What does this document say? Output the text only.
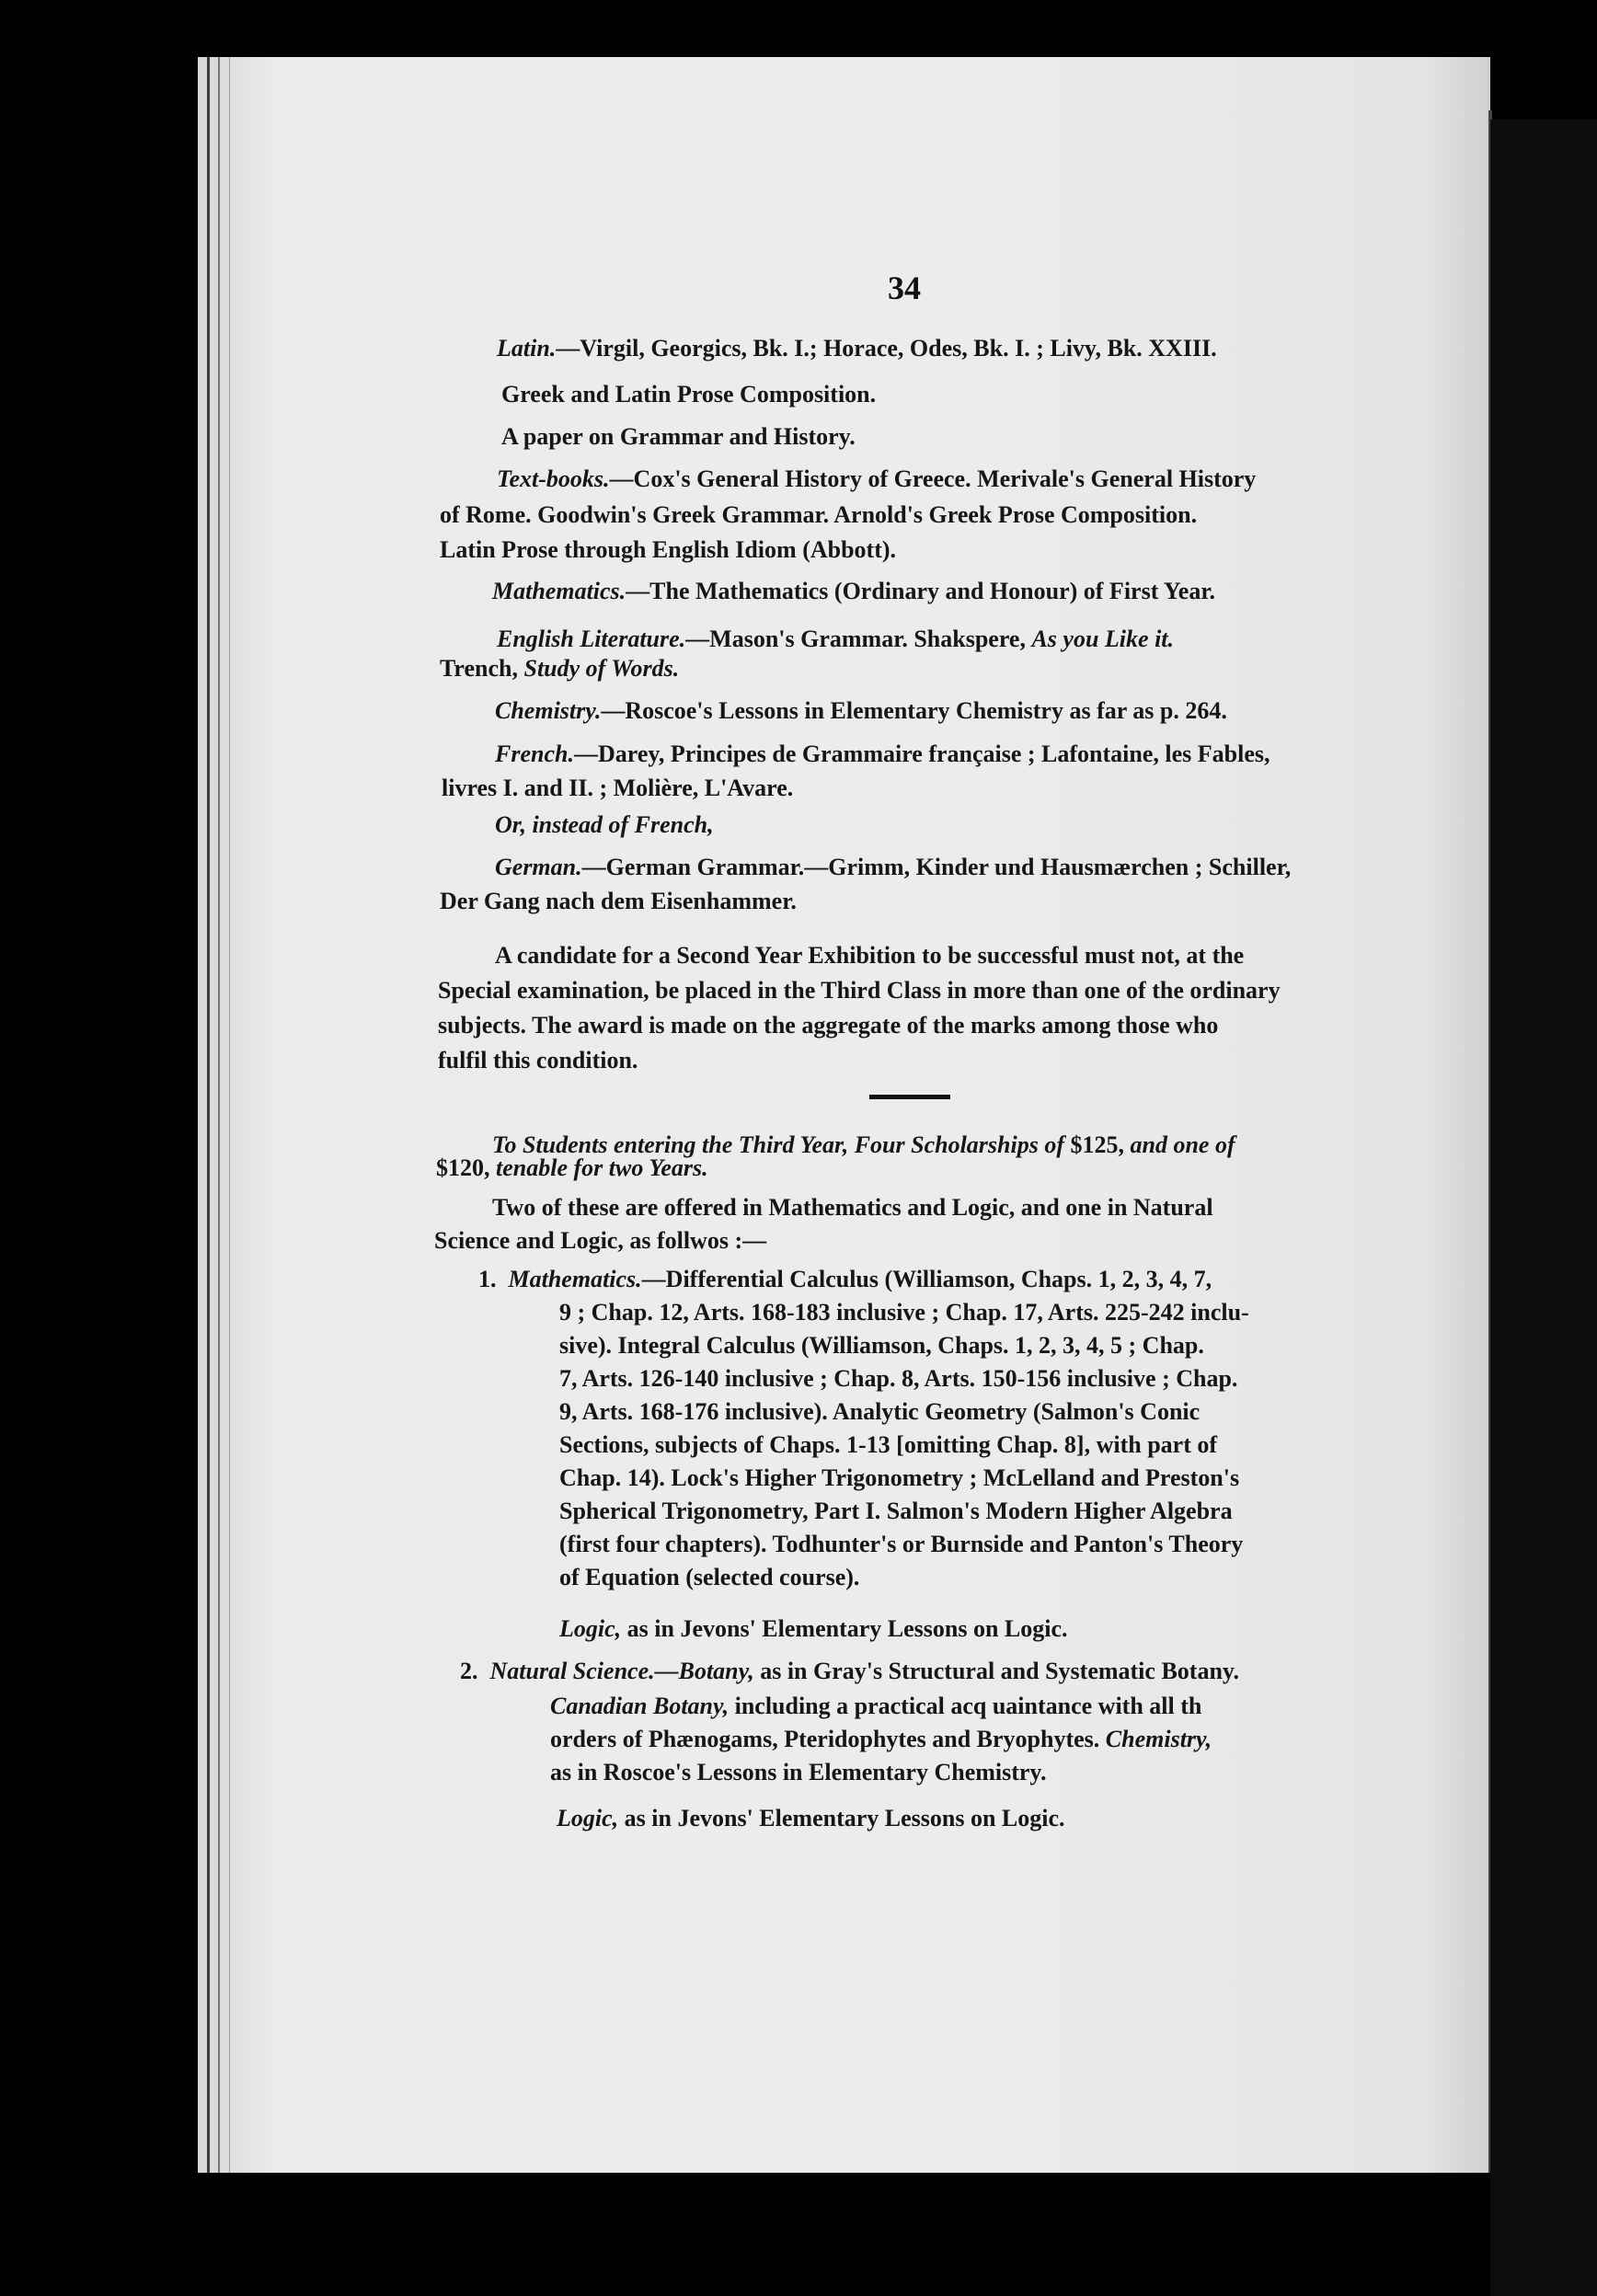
34
Latin.—Virgil, Georgics, Bk. I.; Horace, Odes, Bk. I. ; Livy, Bk. XXIII.
Greek and Latin Prose Composition.
A paper on Grammar and History.
Text-books.—Cox's General History of Greece. Merivale's General History
of Rome. Goodwin's Greek Grammar. Arnold's Greek Prose Composition.
Latin Prose through English Idiom (Abbott).
Mathematics.—The Mathematics (Ordinary and Honour) of First Year.
English Literature.—Mason's Grammar. Shakspere, As you Like it.
Trench, Study of Words.
Chemistry.—Roscoe's Lessons in Elementary Chemistry as far as p. 264.
French.—Darey, Principes de Grammaire française ; Lafontaine, les Fables,
livres I. and II. ; Molière, L'Avare.
Or, instead of French,
German.—German Grammar.—Grimm, Kinder und Hausmærchen ; Schiller,
Der Gang nach dem Eisenhammer.
A candidate for a Second Year Exhibition to be successful must not, at the
Special examination, be placed in the Third Class in more than one of the ordinary
subjects. The award is made on the aggregate of the marks among those who
fulfil this condition.
To Students entering the Third Year, Four Scholarships of $125, and one of
$120, tenable for two Years.
Two of these are offered in Mathematics and Logic, and one in Natural
Science and Logic, as follwos :—
1. Mathematics.—Differential Calculus (Williamson, Chaps. 1, 2, 3, 4, 7,
9 ; Chap. 12, Arts. 168-183 inclusive ; Chap. 17, Arts. 225-242 inclu-
sive). Integral Calculus (Williamson, Chaps. 1, 2, 3, 4, 5 ; Chap.
7, Arts. 126-140 inclusive ; Chap. 8, Arts. 150-156 inclusive ; Chap.
9, Arts. 168-176 inclusive). Analytic Geometry (Salmon's Conic
Sections, subjects of Chaps. 1-13 [omitting Chap. 8], with part of
Chap. 14). Lock's Higher Trigonometry ; McLelland and Preston's
Spherical Trigonometry, Part I. Salmon's Modern Higher Algebra
(first four chapters). Todhunter's or Burnside and Panton's Theory
of Equation (selected course).
Logic, as in Jevons' Elementary Lessons on Logic.
2. Natural Science.—Botany, as in Gray's Structural and Systematic Botany.
Canadian Botany, including a practical acq uaintance with all th
orders of Phænogams, Pteridophytes and Bryophytes. Chemistry,
as in Roscoe's Lessons in Elementary Chemistry.
Logic, as in Jevons' Elementary Lessons on Logic.
